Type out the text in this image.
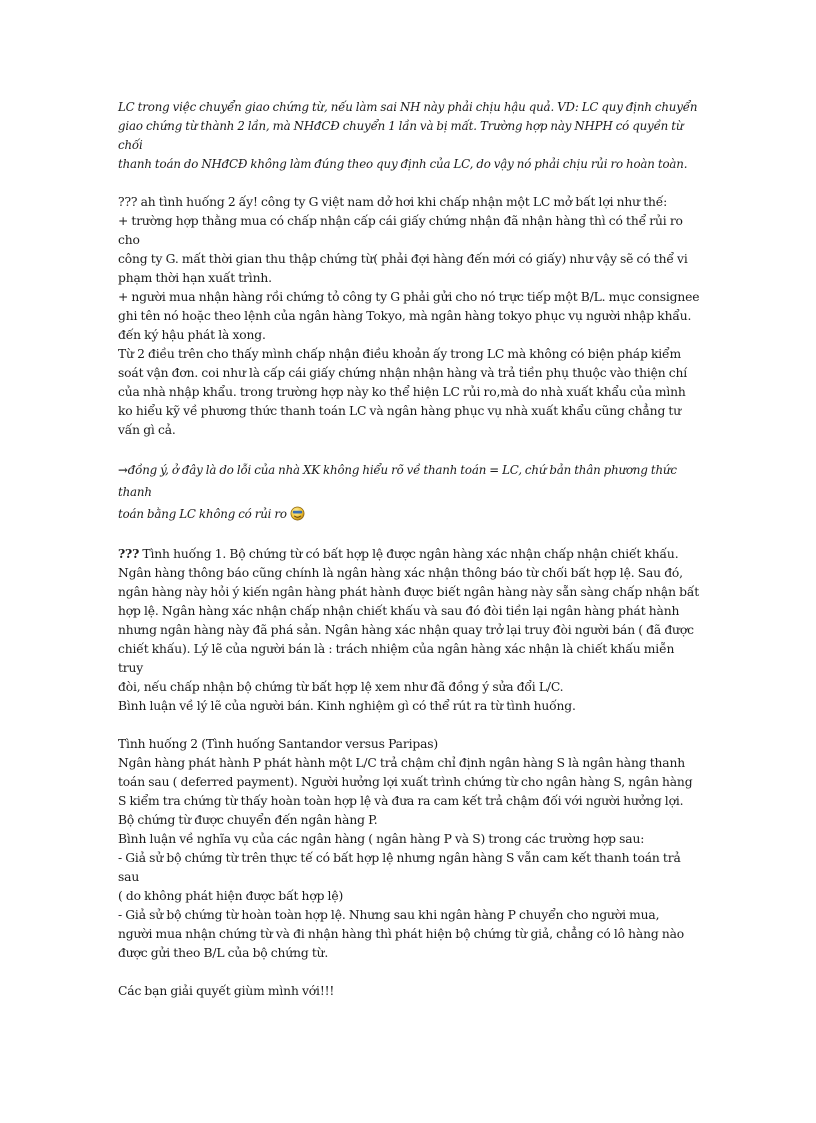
LC trong việc chuyển giao chứng từ, nếu làm sai NH này phải chịu hậu quả. VD: LC quy định chuyển
giao chứng từ thành 2 lần, mà NHđCĐ chuyển 1 lần và bị mất. Trường hợp này NHPH có quyền từ chối
thanh toán do NHđCĐ không làm đúng theo quy định của LC, do vậy nó phải chịu rủi ro hoàn toàn.
??? ah tình huống 2 ấy! công ty G việt nam dở hơi khi chấp nhận một LC mở bất lợi như thế:
+ trường hợp thằng mua có chấp nhận cấp cái giấy chứng nhận đã nhận hàng thì có thể rủi ro cho
công ty G. mất thời gian thu thập chứng từ( phải đợi hàng đến mới có giấy) như vậy sẽ có thể vi
phạm thời hạn xuất trình.
+ người mua nhận hàng rồi chứng tỏ công ty G phải gửi cho nó trực tiếp một B/L. mục consignee
ghi tên nó hoặc theo lệnh của ngân hàng Tokyo, mà ngân hàng tokyo phục vụ người nhập khẩu.
đến ký hậu phát là xong.
Từ 2 điều trên cho thấy mình chấp nhận điều khoản ấy trong LC mà không có biện pháp kiểm
soát vận đơn. coi như là cấp cái giấy chứng nhận nhận hàng và trả tiền phụ thuộc vào thiện chí
của nhà nhập khẩu. trong trường hợp này ko thể hiện LC rủi ro,mà do nhà xuất khẩu của mình
ko hiểu kỹ về phương thức thanh toán LC và ngân hàng phục vụ nhà xuất khẩu cũng chẳng tư
vấn gì cả.
→đồng ý, ở đây là do lỗi của nhà XK không hiểu rõ về thanh toán = LC, chứ bản thân phương thức thanh
toán bằng LC không có rủi ro
??? Tình huống 1. Bộ chứng từ có bất hợp lệ được ngân hàng xác nhận chấp nhận chiết khấu.
Ngân hàng thông báo cũng chính là ngân hàng xác nhận thông báo từ chối bất hợp lệ. Sau đó,
ngân hàng này hỏi ý kiến ngân hàng phát hành được biết ngân hàng này sẵn sàng chấp nhận bất
hợp lệ. Ngân hàng xác nhận chấp nhận chiết khấu và sau đó đòi tiền lại ngân hàng phát hành
nhưng ngân hàng này đã phá sản. Ngân hàng xác nhận quay trở lại truy đòi người bán ( đã được
chiết khấu). Lý lẽ của người bán là : trách nhiệm của ngân hàng xác nhận là chiết khấu miễn truy
đòi, nếu chấp nhận bộ chứng từ bất hợp lệ xem như đã đồng ý sửa đổi L/C.
Bình luận về lý lẽ của người bán. Kinh nghiệm gì có thể rút ra từ tình huống.
Tình huống 2 (Tình huống Santandor versus Paripas)
Ngân hàng phát hành P phát hành một L/C trả chậm chỉ định ngân hàng S là ngân hàng thanh
toán sau ( deferred payment). Người hưởng lợi xuất trình chứng từ cho ngân hàng S, ngân hàng
S kiểm tra chứng từ thấy hoàn toàn hợp lệ và đưa ra cam kết trả chậm đối với người hưởng lợi.
Bộ chứng từ được chuyển đến ngân hàng P.
Bình luận về nghĩa vụ của các ngân hàng ( ngân hàng P và S) trong các trường hợp sau:
- Giả sử bộ chứng từ trên thực tế có bất hợp lệ nhưng ngân hàng S vẫn cam kết thanh toán trả sau
( do không phát hiện được bất hợp lệ)
- Giả sử bộ chứng từ hoàn toàn hợp lệ. Nhưng sau khi ngân hàng P chuyển cho người mua,
người mua nhận chứng từ và đi nhận hàng thì phát hiện bộ chứng từ giả, chẳng có lô hàng nào
được gửi theo B/L của bộ chứng từ.
Các bạn giải quyết giùm mình với!!!
